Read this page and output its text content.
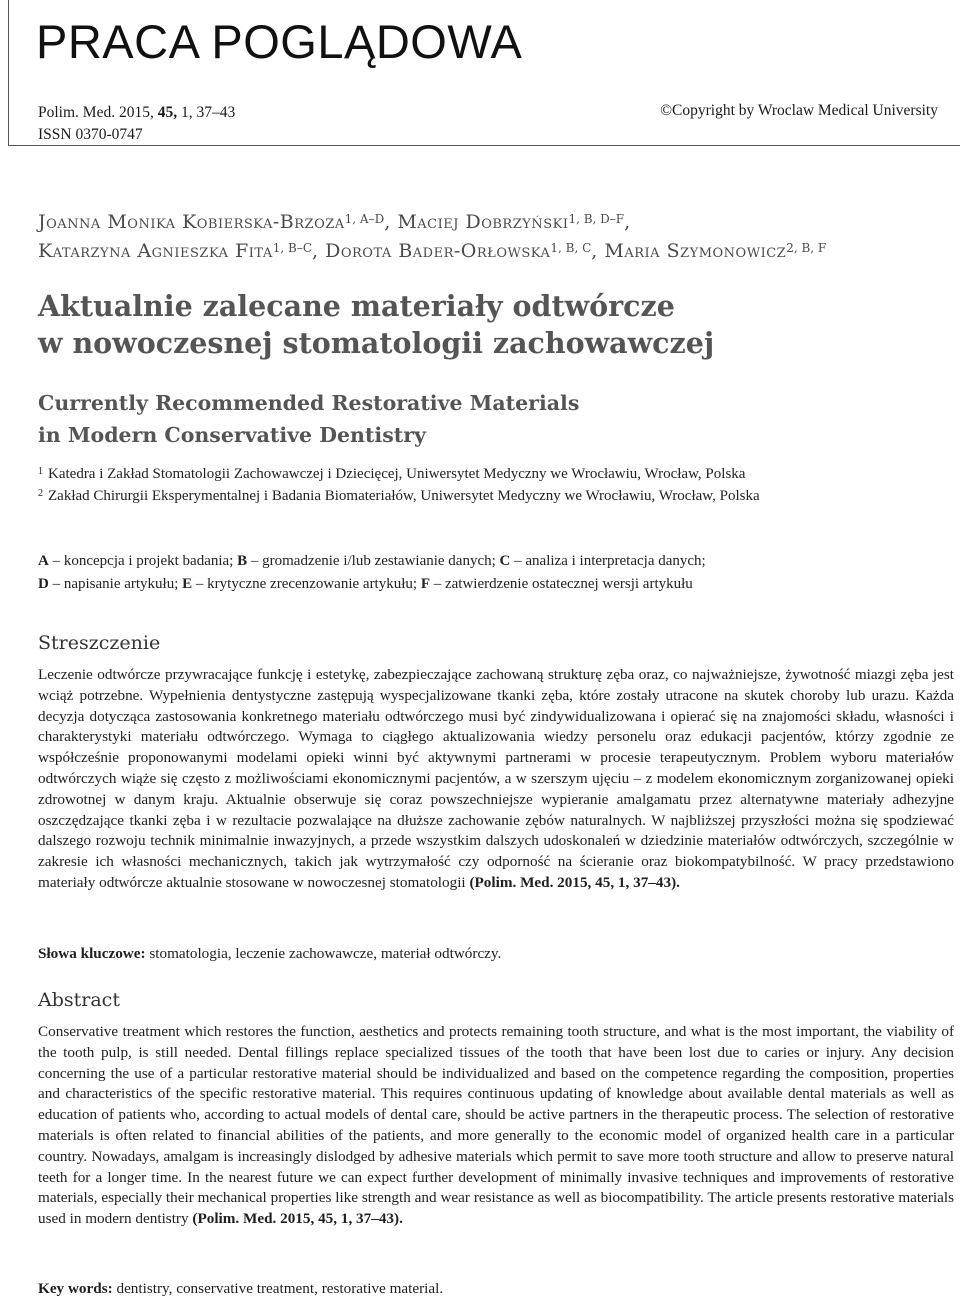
PRACA POGLĄDOWA
Polim. Med. 2015, 45, 1, 37–43
ISSN 0370-0747
©Copyright by Wroclaw Medical University
Joanna Monika Kobierska-Brzoza$^{1, A-D}$, Maciej Dobrzyński$^{1, B, D-F}$,
Katarzyna Agnieszka Fita$^{1, B-C}$, Dorota Bader-Orłowska$^{1, B, C}$, Maria Szymonowicz$^{2, B, F}$
Aktualnie zalecane materiały odtwórcze
w nowoczesnej stomatologii zachowawczej
Currently Recommended Restorative Materials
in Modern Conservative Dentistry
$^1$ Katedra i Zakład Stomatologii Zachowawczej i Dziecięcej, Uniwersytet Medyczny we Wrocławiu, Wrocław, Polska
$^2$ Zakład Chirurgii Eksperymentalnej i Badania Biomateriałów, Uniwersytet Medyczny we Wrocławiu, Wrocław, Polska
A – koncepcja i projekt badania; B – gromadzenie i/lub zestawianie danych; C – analiza i interpretacja danych;
D – napisanie artykułu; E – krytyczne zrecenzowanie artykułu; F – zatwierdzenie ostatecznej wersji artykułu
Streszczenie
Leczenie odtwórcze przywracające funkcję i estetykę, zabezpieczające zachowaną strukturę zęba oraz, co najważniejsze, żywotność miazgi zęba jest wciąż potrzebne. Wypełnienia dentystyczne zastępują wyspecjalizowane tkanki zęba, które zostały utracone na skutek choroby lub urazu. Każda decyzja dotycząca zastosowania konkretnego materiału odtwórczego musi być zindywidualizowana i opierać się na znajomości składu, własności i charakterystyki materiału odtwórczego. Wymaga to ciągłego aktualizowania wiedzy personelu oraz edukacji pacjentów, którzy zgodnie ze współcześnie proponowanymi modelami opieki winni być aktywnymi partnerami w procesie terapeutycznym. Problem wyboru materiałów odtwórczych wiąże się często z możliwościami ekonomicznymi pacjentów, a w szerszym ujęciu – z modelem ekonomicznym zorganizowanej opieki zdrowotnej w danym kraju. Aktualnie obserwuje się coraz powszechniejsze wypieranie amalgamatu przez alternatywne materiały adhezyjne oszczędzające tkanki zęba i w rezultacie pozwalające na dłuższe zachowanie zębów naturalnych. W najbliższej przyszłości można się spodziewać dalszego rozwoju technik minimalnie inwazyjnych, a przede wszystkim dalszych udoskonaleń w dziedzinie materiałów odtwórczych, szczególnie w zakresie ich własności mechanicznych, takich jak wytrzymałość czy odporność na ścieranie oraz biokompatybilność. W pracy przedstawiono materiały odtwórcze aktualnie stosowane w nowoczesnej stomatologii (Polim. Med. 2015, 45, 1, 37–43).
Słowa kluczowe: stomatologia, leczenie zachowawcze, materiał odtwórczy.
Abstract
Conservative treatment which restores the function, aesthetics and protects remaining tooth structure, and what is the most important, the viability of the tooth pulp, is still needed. Dental fillings replace specialized tissues of the tooth that have been lost due to caries or injury. Any decision concerning the use of a particular restorative material should be individualized and based on the competence regarding the composition, properties and characteristics of the specific restorative material. This requires continuous updating of knowledge about available dental materials as well as education of patients who, according to actual models of dental care, should be active partners in the therapeutic process. The selection of restorative materials is often related to financial abilities of the patients, and more generally to the economic model of organized health care in a particular country. Nowadays, amalgam is increasingly dislodged by adhesive materials which permit to save more tooth structure and allow to preserve natural teeth for a longer time. In the nearest future we can expect further development of minimally invasive techniques and improvements of restorative materials, especially their mechanical properties like strength and wear resistance as well as biocompatibility. The article presents restorative materials used in modern dentistry (Polim. Med. 2015, 45, 1, 37–43).
Key words: dentistry, conservative treatment, restorative material.
